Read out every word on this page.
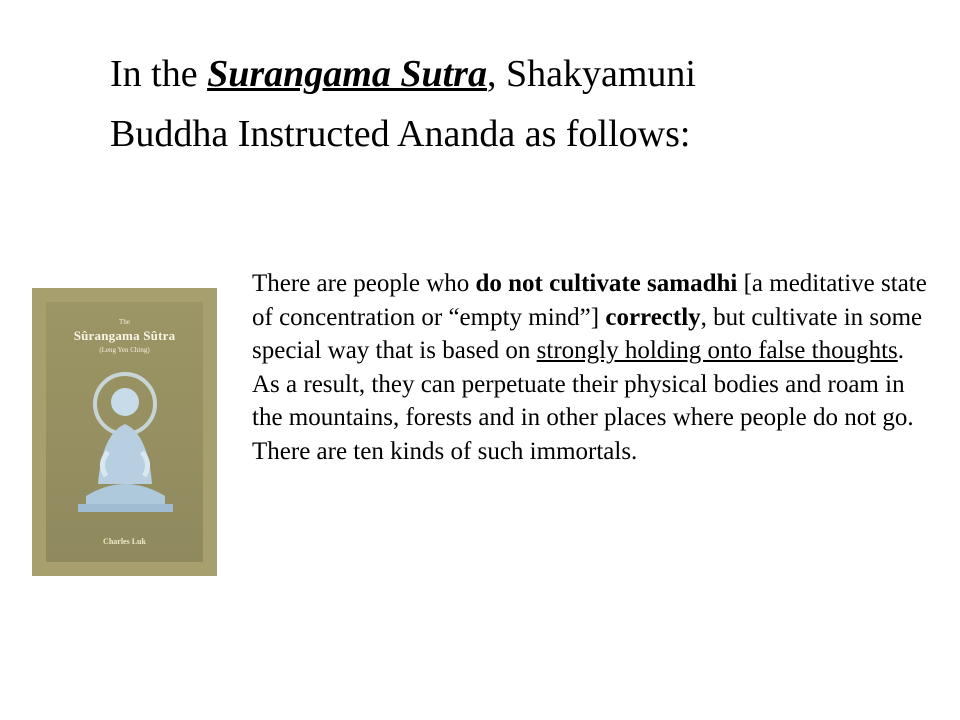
In the Surangama Sutra, Shakyamuni
Buddha Instructed Ananda as follows:
The
Sûrangama Sûtra
(Leng Yen Ching)
Charles Luk

There are people who do not cultivate samadhi [a meditative state of concentration or “empty mind”] correctly, but cultivate in some special way that is based on strongly holding onto false thoughts. As a result, they can perpetuate their physical bodies and roam in the mountains, forests and in other places where people do not go. There are ten kinds of such immortals.
